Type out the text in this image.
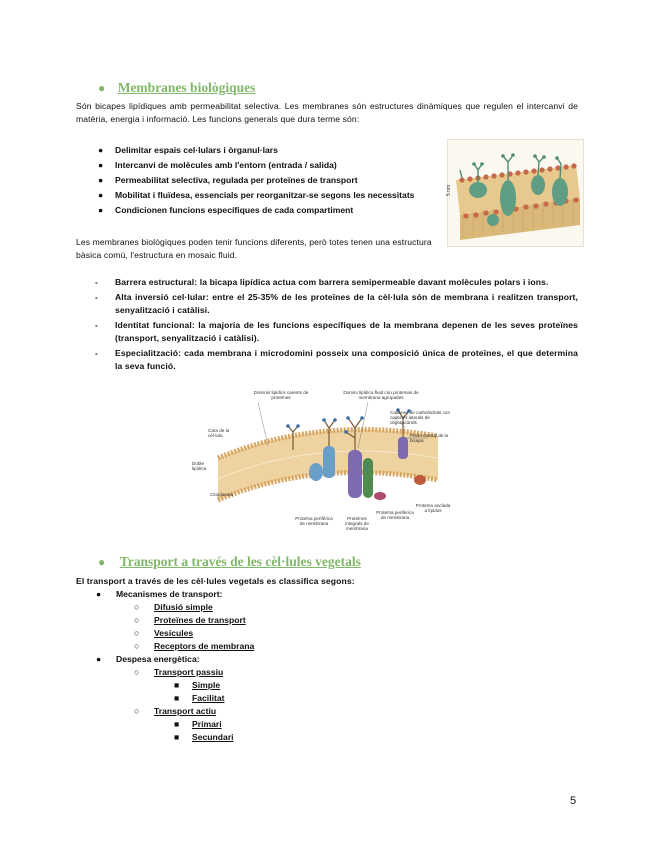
● Membranes biològiques
Són bicapes lipídiques amb permeabilitat selectiva. Les membranes són estructures dinàmiques que regulen el intercanvi de matèria, energia i informació. Les funcions generals que dura terme són:
● Delimitar espais cel·lulars i òrganul·lars
● Intercanvi de molècules amb l'entorn (entrada / salida)
● Permeabilitat selectiva, regulada per proteïnes de transport
● Mobilitat i fluïdesa, essencials per reorganitzar-se segons les necessitats
● Condicionen funcions específiques de cada compartiment
5 nm
Les membranes biològiques poden tenir funcions diferents, però totes tenen una estructura bàsica comú, l'estructura en mosaic fluid.
-	Barrera estructural: la bicapa lipídica actua com barrera semipermeable davant molècules polars i ions.
-	Alta inversió cel·lular: entre el 25-35% de les proteïnes de la cèl·lula són de membrana i realitzen transport, senyalització i catàlisi.
-	Identitat funcional: la majoria de les funcions específiques de la membrana depenen de les seves proteïnes (transport, senyalització i catàlisi).
-	Especialització: cada membrana i microdomini posseix una composició única de proteïnes, el que determina la seva funció.
Dominis lipídics carents de proteïnes
Domini lipídico-fluid con proteïnas de membrana agrupades
Cadenes de carbohidrats con cadenes laterals de oligosacàrids
Plano central de la bicapa
Cara de la cèl·lula
Doble lipídica
Citoplasma
Proteïna perifèrica de membrana
Proteïnes integrals de membrana
Proteïna perifèrica de membrana
Proteïna anclada a lípidos
● Transport a través de les cèl·lules vegetals
El transport a través de les cèl·lules vegetals es classifica segons:
● Mecanismes de transport:
○ Difusió simple
○ Proteïnes de transport
○ Vesícules
○ Receptors de membrana
● Despesa energètica:
○ Transport passiu
■ Simple
■ Facilitat
○ Transport actiu
■ Primari
■ Secundari
5
